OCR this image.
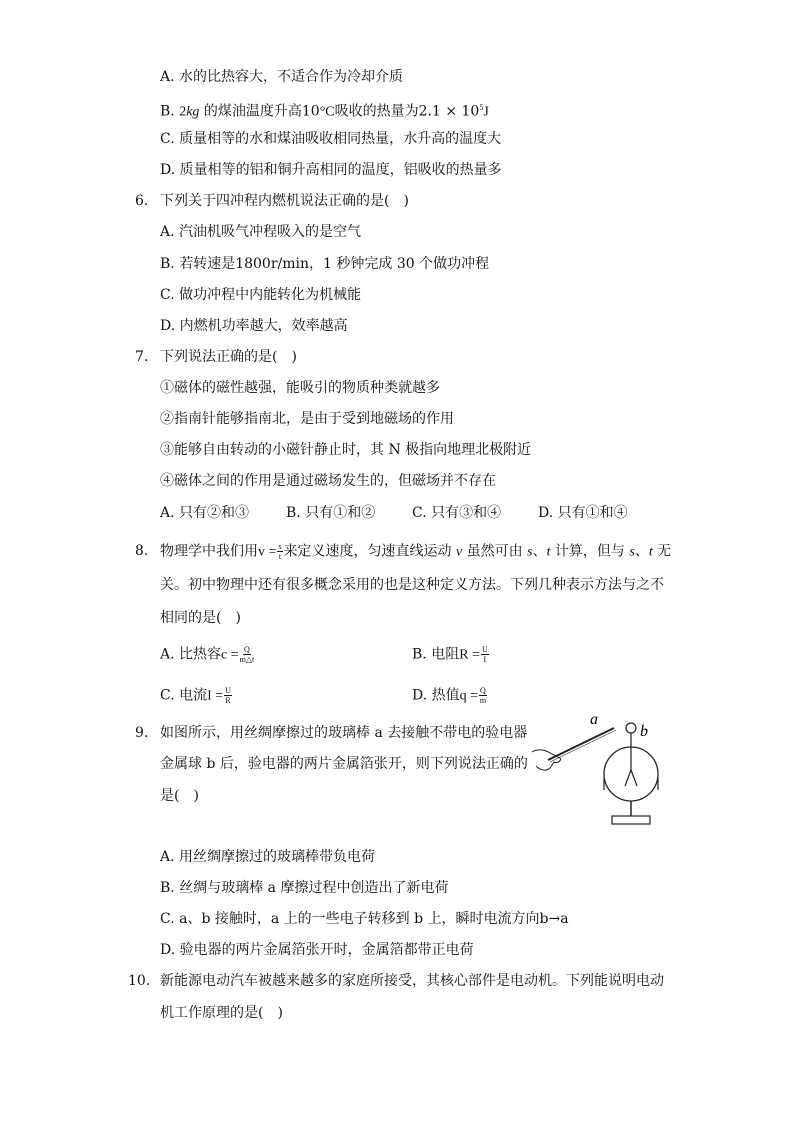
A. 水的比热容大，不适合作为冷却介质
B. 2kg 的煤油温度升高10°C吸收的热量为$2.1 \times 10^5J$
C. 质量相等的水和煤油吸收相同热量，水升高的温度大
D. 质量相等的铝和铜升高相同的温度，铝吸收的热量多
6. 下列关于四冲程内燃机说法正确的是(　)
A. 汽油机吸气冲程吸入的是空气
B. 若转速是1800r/min，1 秒钟完成 30 个做功冲程
C. 做功冲程中内能转化为机械能
D. 内燃机功率越大，效率越高
7. 下列说法正确的是(　)
①磁体的磁性越强，能吸引的物质种类就越多
②指南针能够指南北，是由于受到地磁场的作用
③能够自由转动的小磁针静止时，其 N 极指向地理北极附近
④磁体之间的作用是通过磁场发生的，但磁场并不存在
A. 只有②和③	B. 只有①和②	C. 只有③和④	D. 只有①和④
8. 物理学中我们用$v = \frac{s}{t}$ 来定义速度，匀速直线运动 v 虽然可由 s、t 计算，但与 s、t 无
关。初中物理中还有很多概念采用的也是这种定义方法。下列几种表示方法与之不
相同的是(　)
A. 比热容$c = \frac{Q}{m\triangle t}$	B. 电阻$R = \frac{U}{I}$
C. 电流$I = \frac{U}{R}$	D. 热值$q = \frac{Q}{m}$
9. 如图所示，用丝绸摩擦过的玻璃棒 a 去接触不带电的验电器
金属球 b 后，验电器的两片金属箔张开，则下列说法正确的
是(　)
a
b
A. 用丝绸摩擦过的玻璃棒带负电荷
B. 丝绸与玻璃棒 a 摩擦过程中创造出了新电荷
C. a、b 接触时，a 上的一些电子转移到 b 上，瞬时电流方向b→a
D. 验电器的两片金属箔张开时，金属箔都带正电荷
10. 新能源电动汽车被越来越多的家庭所接受，其核心部件是电动机。下列能说明电动
机工作原理的是(　)
